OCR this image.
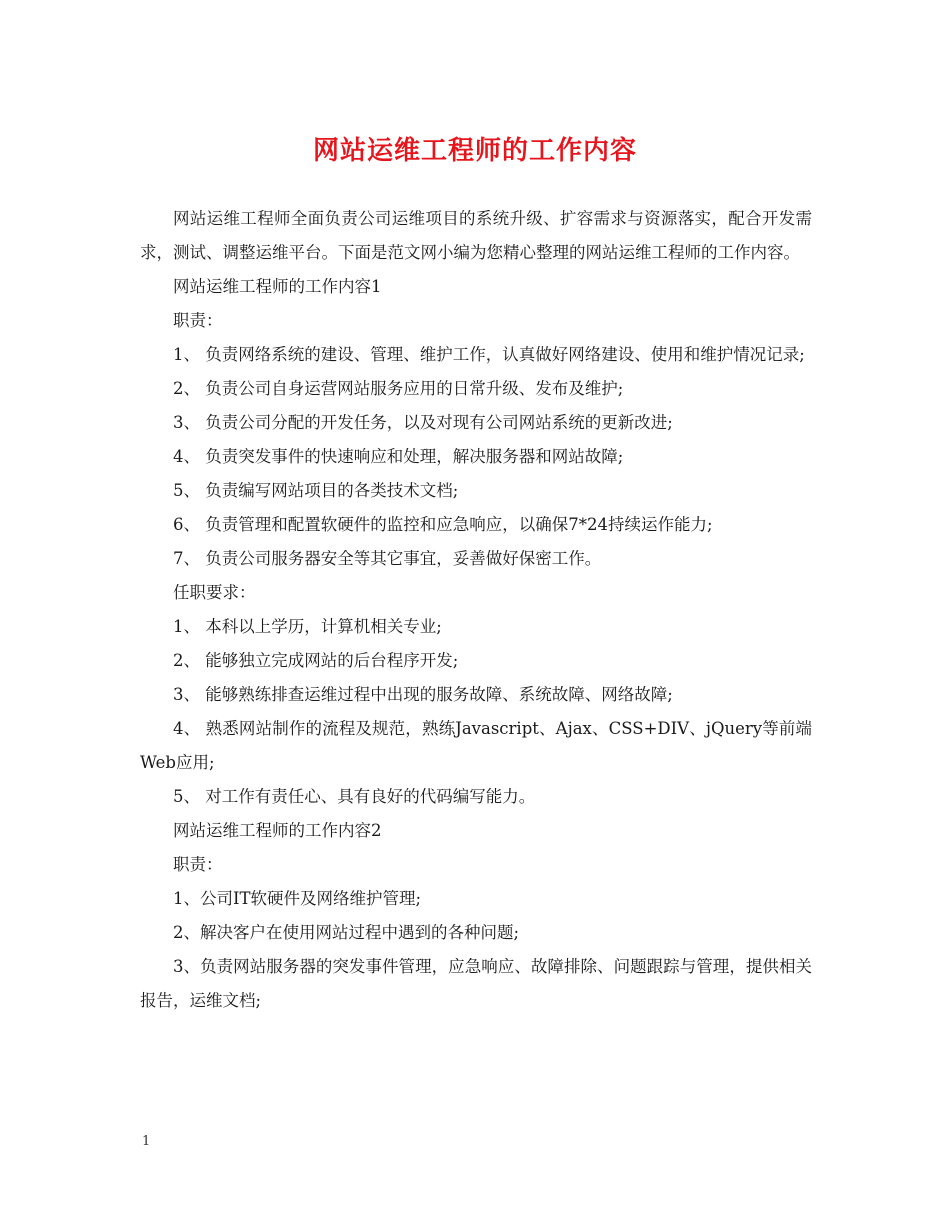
网站运维工程师的工作内容

网站运维工程师全面负责公司运维项目的系统升级、扩容需求与资源落实，配合开发需求，测试、调整运维平台。下面是范文网小编为您精心整理的网站运维工程师的工作内容。

网站运维工程师的工作内容1

职责：

1、 负责网络系统的建设、管理、维护工作，认真做好网络建设、使用和维护情况记录;

2、 负责公司自身运营网站服务应用的日常升级、发布及维护;

3、 负责公司分配的开发任务，以及对现有公司网站系统的更新改进;

4、 负责突发事件的快速响应和处理，解决服务器和网站故障;

5、 负责编写网站项目的各类技术文档;

6、 负责管理和配置软硬件的监控和应急响应，以确保7*24持续运作能力;

7、 负责公司服务器安全等其它事宜，妥善做好保密工作。

任职要求：

1、 本科以上学历，计算机相关专业;

2、 能够独立完成网站的后台程序开发;

3、 能够熟练排查运维过程中出现的服务故障、系统故障、网络故障;

4、 熟悉网站制作的流程及规范，熟练Javascript、Ajax、CSS+DIV、jQuery等前端Web应用;

5、 对工作有责任心、具有良好的代码编写能力。

网站运维工程师的工作内容2

职责：

1、公司IT软硬件及网络维护管理;

2、解决客户在使用网站过程中遇到的各种问题;

3、负责网站服务器的突发事件管理，应急响应、故障排除、问题跟踪与管理，提供相关报告，运维文档;

1
